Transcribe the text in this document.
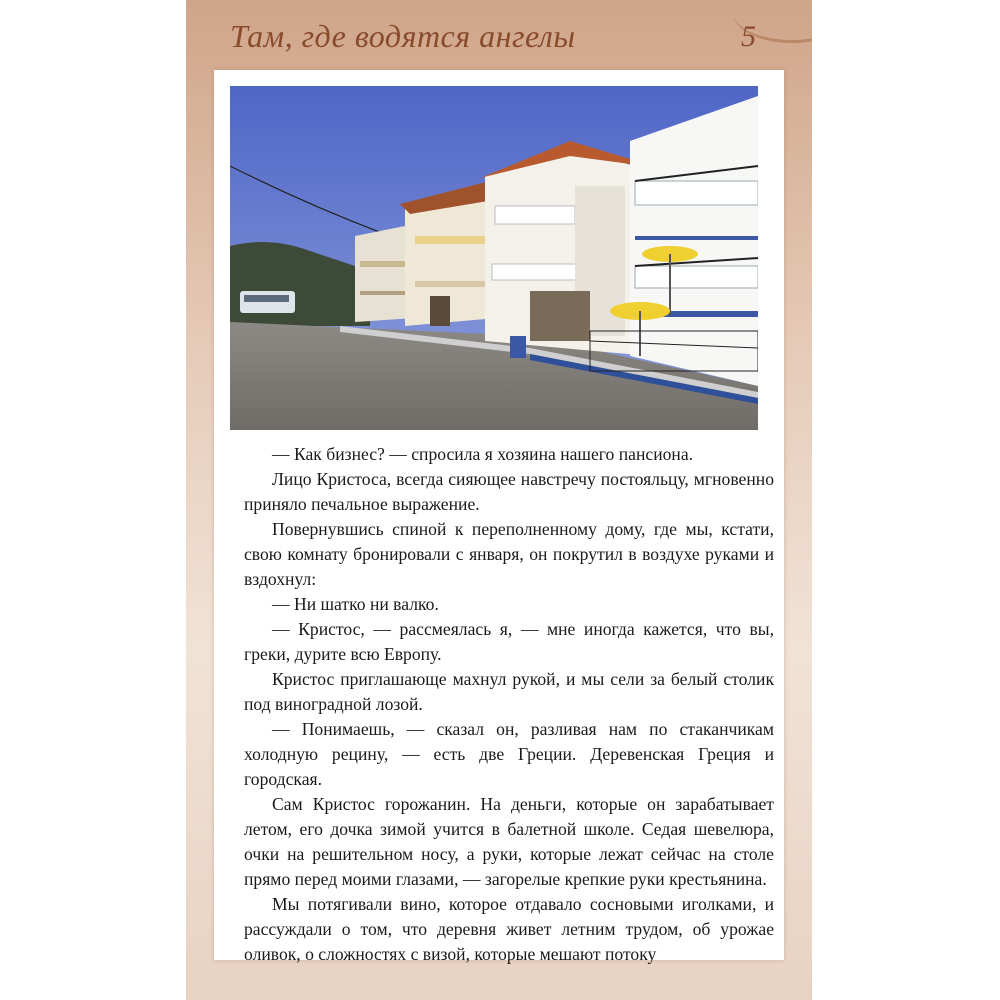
Там, где водятся ангелы	5

— Как бизнес? — спросила я хозяина нашего пансиона.

Лицо Кристоса, всегда сияющее навстречу постояльцу, мгновенно приняло печальное выражение.

Повернувшись спиной к переполненному дому, где мы, кстати, свою комнату бронировали с января, он покрутил в воздухе руками и вздохнул:

— Ни шатко ни валко.

— Кристос, — рассмеялась я, — мне иногда кажется, что вы, греки, дурите всю Европу.

Кристос приглашающе махнул рукой, и мы сели за белый столик под виноградной лозой.

— Понимаешь, — сказал он, разливая нам по стаканчикам холодную рецину, — есть две Греции. Деревенская Греция и городская.

Сам Кристос горожанин. На деньги, которые он зарабатывает летом, его дочка зимой учится в балетной школе. Седая шевелюра, очки на решительном носу, а руки, которые лежат сейчас на столе прямо перед моими глазами, — загорелые крепкие руки крестьянина.

Мы потягивали вино, которое отдавало сосновыми иголками, и рассуждали о том, что деревня живет летним трудом, об урожае оливок, о сложностях с визой, которые мешают потоку
